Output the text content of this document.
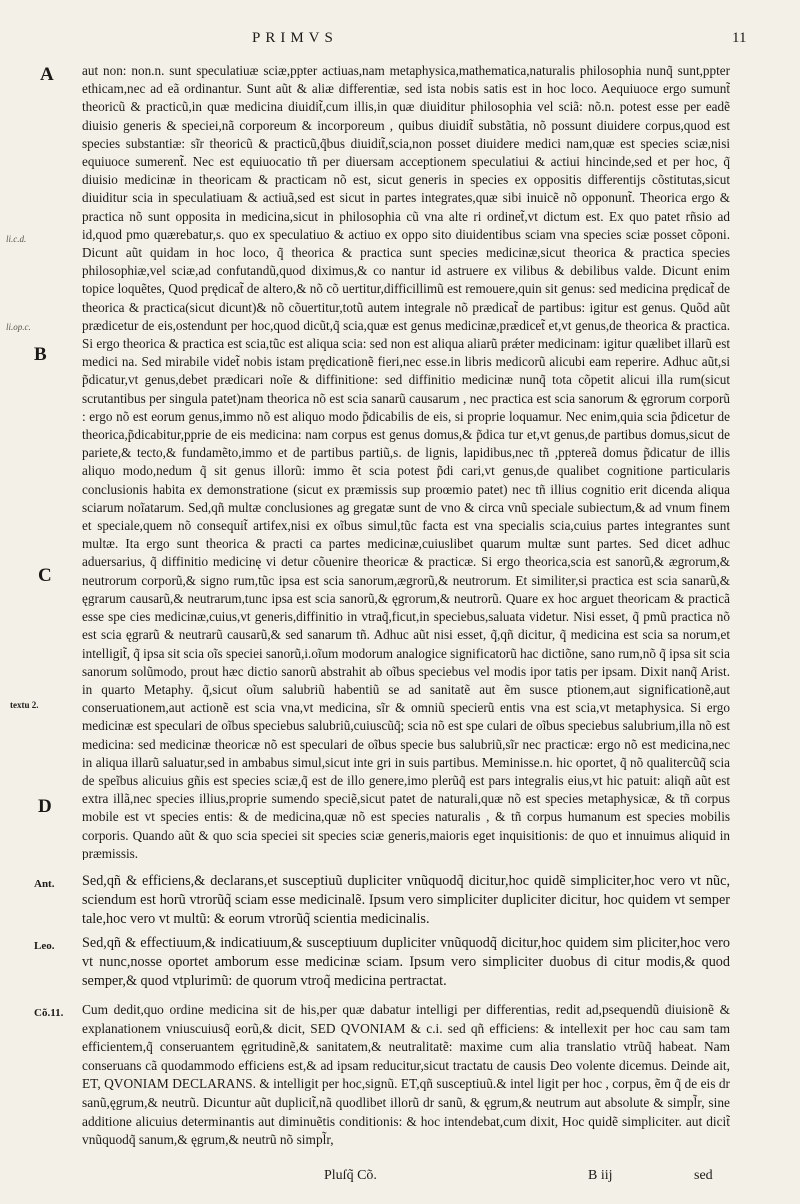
PRIMVS	11
A
B
C
D
li.c.d.
li.op.c.
textu 2.
aut non: non.n. sunt speculatiuæ sciæ,ppter actiuas,nam metaphysica,mathematica,naturalis philosophia nunq̃ sunt,ppter ethicam,nec ad eã ordinantur. Sunt aũt & aliæ differentiæ, sed ista nobis satis est in hoc loco. Aequiuoce ergo sumunt̃ theoricũ & practicũ,in quæ medicina diuidit̃,cum illis,in quæ diuiditur philosophia vel sciã: nõ.n. potest esse per eadẽ diuisio generis & speciei,nã corporeum & incorporeum , quibus diuidit̃ substãtia, nõ possunt diuidere corpus,quod est species substantiæ: sĩr theoricũ & practicũ,q̃bus diuidit̃,scia,non posset diuidere medici nam,quæ est species sciæ,nisi equiuoce sumerent̃. Nec est equiuocatio tñ per diuersam acceptionem speculatiui & actiui hincinde,sed et per hoc, q̃ diuisio medicinæ in theoricam & practicam nõ est, sicut generis in species ex oppositis differentijs cõstitutas,sicut diuiditur scia in speculatiuam & actiuã,sed est sicut in partes integrates,quæ sibi inuicẽ nõ opponunt̃. Theorica ergo & practica nõ sunt opposita in medicina,sicut in philosophia cũ vna alte ri ordinet̃,vt dictum est. Ex quo patet rñsio ad id,quod pmo quærebatur,s. quo ex speculatiuo & actiuo ex oppo sito diuidentibus sciam vna species sciæ posset cõponi. Dicunt aũt quidam in hoc loco, q̃ theorica & practica sunt species medicinæ,sicut theorica & practica species philosophiæ,vel sciæ,ad confutandũ,quod diximus,& co nantur id astruere ex vilibus & debilibus valde. Dicunt enim topice loquẽtes, Quod prędicat̃ de altero,& nõ cõ uertitur,difficillimũ est remouere,quin sit genus: sed medicina prędicat̃ de theorica & practica(sicut dicunt)& nõ cõuertitur,totũ autem integrale nõ prædicat̃ de partibus: igitur est genus. Quõd aũt prædicetur de eis,ostendunt per hoc,quod dicũt,q̃ scia,quæ est genus medicinæ,prædicet̃ et,vt genus,de theorica & practica. Si ergo theorica & practica est scia,tũc est aliqua scia: sed non est aliqua aliarũ prǽter medicinam: igitur quælibet illarũ est medici na. Sed mirabile videt̃ nobis istam prędicationẽ fieri,nec esse.in libris medicorũ alicubi eam reperire. Adhuc aũt,si p̃dicatur,vt genus,debet prædicari noĩe & diffinitione: sed diffinitio medicinæ nunq̃ tota cõpetit alicui illa rum(sicut scrutantibus per singula patet)nam theorica nõ est scia sanarũ causarum , nec practica est scia sanorum & ęgrorum corporũ : ergo nõ est eorum genus,immo nõ est aliquo modo p̃dicabilis de eis, si proprie loquamur. Nec enim,quia scia p̃dicetur de theorica,p̃dicabitur,pprie de eis medicina: nam corpus est genus domus,& p̃dica tur et,vt genus,de partibus domus,sicut de pariete,& tecto,& fundamẽto,immo et de partibus partiũ,s. de lignis, lapidibus,nec tñ ,pptereã domus p̃dicatur de illis aliquo modo,nedum q̃ sit genus illorũ: immo ẽt scia potest p̃di cari,vt genus,de qualibet cognitione particularis conclusionis habita ex demonstratione (sicut ex præmissis sup proœmio patet) nec tñ illius cognitio erit dicenda aliqua sciarum noĩatarum. Sed,qñ multæ conclusiones ag gregatæ sunt de vno & circa vnũ speciale subiectum,& ad vnum finem et speciale,quem nõ consequit̃ artifex,nisi ex oĩbus simul,tũc facta est vna specialis scia,cuius partes integrantes sunt multæ. Ita ergo sunt theorica & practi ca partes medicinæ,cuiuslibet quarum multæ sunt partes. Sed dicet adhuc aduersarius, q̃ diffinitio medicinę vi detur cõuenire theoricæ & practicæ. Si ergo theorica,scia est sanorũ,& ægrorum,& neutrorum corporũ,& signo rum,tũc ipsa est scia sanorum,ægrorũ,& neutrorum. Et similiter,si practica est scia sanarũ,& ęgrarum causarũ,& neutrarum,tunc ipsa est scia sanorũ,& ęgrorum,& neutrorũ. Quare ex hoc arguet theoricam & practicã esse spe cies medicinæ,cuius,vt generis,diffinitio in vtraq̃,ficut,in speciebus,saluata videtur. Nisi esset, q̃ pmũ practica nõ est scia ęgrarũ & neutrarũ causarũ,& sed sanarum tñ. Adhuc aũt nisi esset, q̃,qñ dicitur, q̃ medicina est scia sa norum,et intelligit̃, q̃ ipsa sit scia oĩs speciei sanorũ,i.oĩum modorum analogice significatorũ hac dictiõne, sano rum,nõ q̃ ipsa sit scia sanorum solũmodo, prout hæc dictio sanorũ abstrahit ab oĩbus speciebus vel modis ipor tatis per ipsam. Dixit nanq̃ Arist. in quarto Metaphy. q̃,sicut oĩum salubriũ habentiũ se ad sanitatẽ aut ẽm susce ptionem,aut significationẽ,aut conseruationem,aut actionẽ est scia vna,vt medicina, sĩr & omniũ specierũ entis vna est scia,vt metaphysica. Si ergo medicinæ est speculari de oĩbus speciebus salubriũ,cuiuscũq̃; scia nõ est spe culari de oĩbus speciebus salubrium,illa nõ est medicina: sed medicinæ theoricæ nõ est speculari de oĩbus specie bus salubriũ,sĩr nec practicæ: ergo nõ est medicina,nec in aliqua illarũ saluatur,sed in ambabus simul,sicut inte gri in suis partibus. Meminisse.n. hic oportet, q̃ nõ qualitercũq̃ scia de speĩbus alicuius gñis est species sciæ,q̃ est de illo genere,imo plerũq̃ est pars integralis eius,vt hic patuit: aliqñ aũt est extra illã,nec species illius,proprie sumendo speciẽ,sicut patet de naturali,quæ nõ est species metaphysicæ, & tñ corpus mobile est vt species entis: & de medicina,quæ nõ est species naturalis , & tñ corpus humanum est species mobilis corporis. Quando aũt & quo scia speciei sit species sciæ generis,maioris eget inquisitionis: de quo et innuimus aliquid in præmissis.
Ant. Sed,qñ & efficiens,& declarans,et susceptiuũ dupliciter vnũquodq̃ dicitur,hoc quidẽ simpliciter,hoc vero vt nũc, sciendum est horũ vtrorũq̃ sciam esse medicinalẽ. Ipsum vero simpliciter dupliciter dicitur, hoc quidem vt semper tale,hoc vero vt multũ: & eorum vtrorũq̃ scientia medicinalis.
Leo. Sed,qñ & effectiuum,& indicatiuum,& susceptiuum dupliciter vnũquodq̃ dicitur,hoc quidem sim pliciter,hoc vero vt nunc,nosse oportet amborum esse medicinæ sciam. Ipsum vero simpliciter duobus di citur modis,& quod semper,& quod vtplurimũ: de quorum vtroq̃ medicina pertractat.
Cõ.11. Cum dedit,quo ordine medicina sit de his,per quæ dabatur intelligi per differentias, redit ad,psequendũ diuisionẽ & explanationem vniuscuiusq̃ eorũ,& dicit, SED QVONIAM & c.i. sed qñ efficiens: & intellexit per hoc cau sam tam efficientem,q̃ conseruantem ęgritudinẽ,& sanitatem,& neutralitatẽ: maxime cum alia translatio vtrũq̃ habeat. Nam conseruans cã quodammodo efficiens est,& ad ipsam reducitur,sicut tractatu de causis Deo volente dicemus. Deinde ait, ET, QVONIAM DECLARANS. & intelligit per hoc,signũ. ET,qñ susceptiuũ.& intel ligit per hoc , corpus, ẽm q̃ de eis dr sanũ,ęgrum,& neutrũ. Dicuntur aũt duplicit̃,nã quodlibet illorũ dr sanũ, & ęgrum,& neutrum aut absolute & simpl̃r, sine additione alicuius determinantis aut diminuẽtis conditionis: & hoc intendebat,cum dixit, Hoc quidẽ simpliciter. aut dicit̃ vnũquodq̃ sanum,& ęgrum,& neutrũ nõ simpl̃r,
Pluſq̃ Cõ.	B iij	sed
